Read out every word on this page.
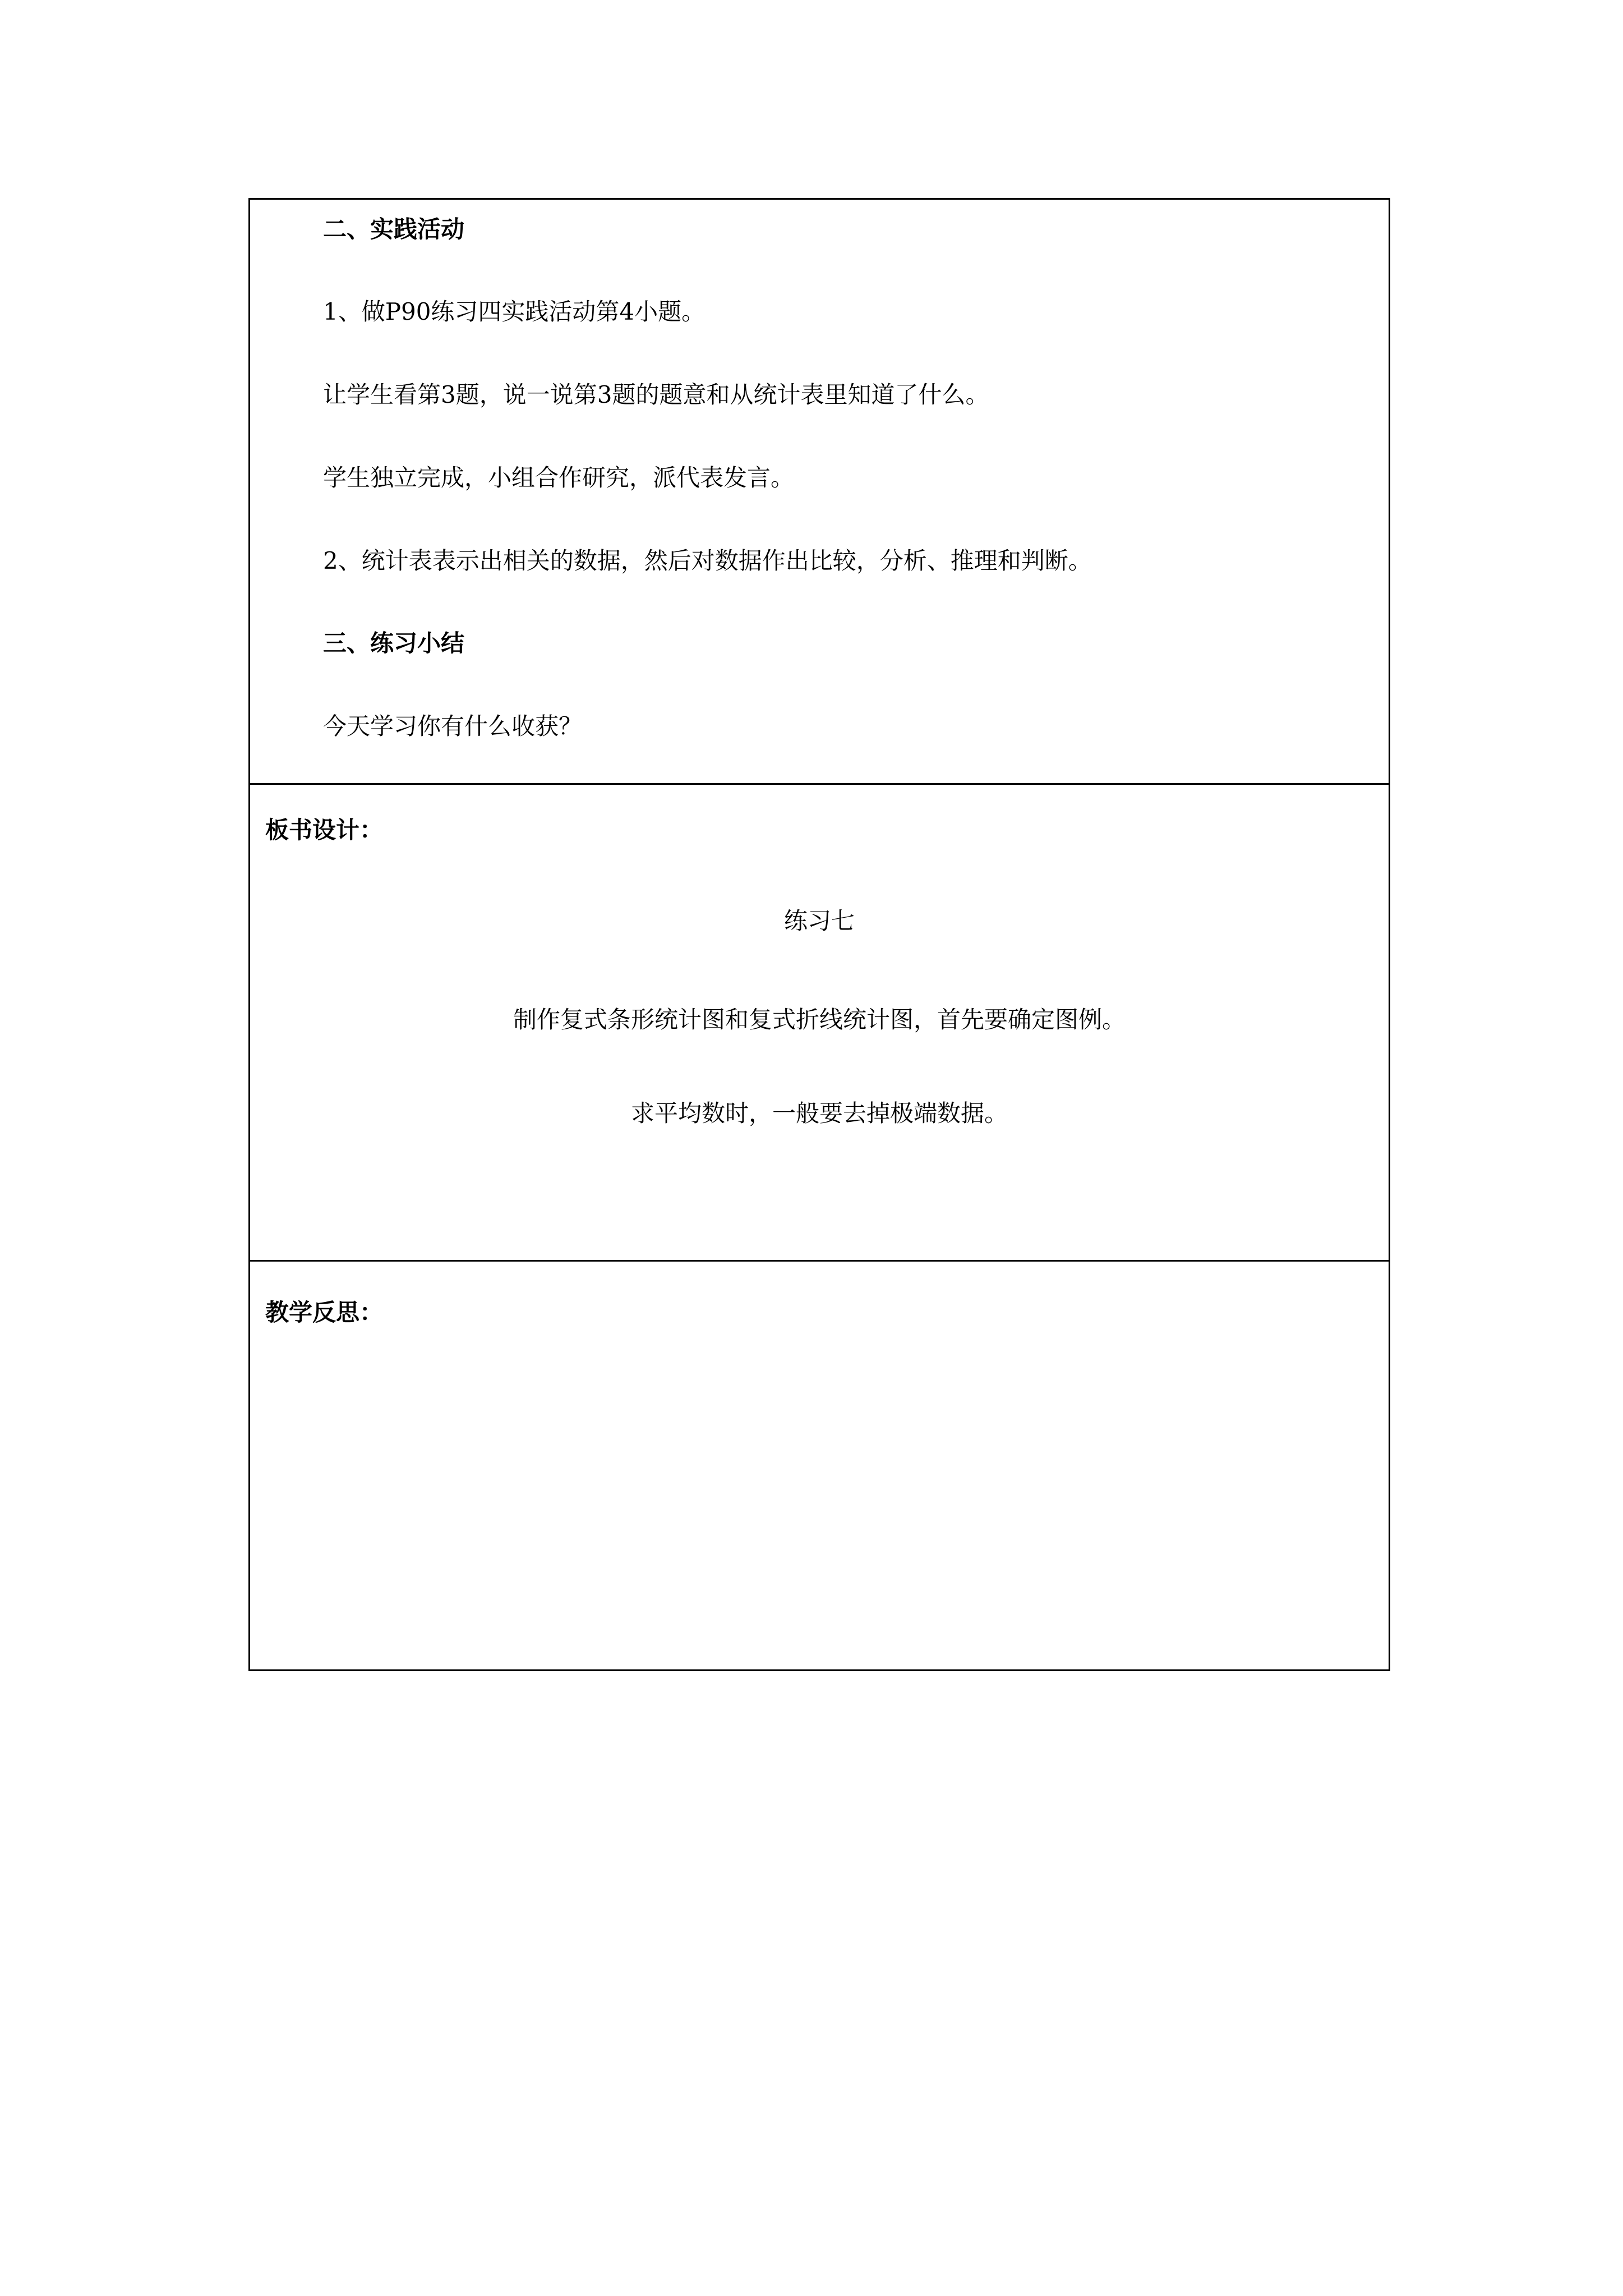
二、实践活动
1、做P90练习四实践活动第4小题。
让学生看第3题，说一说第3题的题意和从统计表里知道了什么。
学生独立完成，小组合作研究，派代表发言。
2、统计表表示出相关的数据，然后对数据作出比较，分析、推理和判断。
三、练习小结
今天学习你有什么收获？
板书设计：
练习七
制作复式条形统计图和复式折线统计图，首先要确定图例。
求平均数时，一般要去掉极端数据。
教学反思：
